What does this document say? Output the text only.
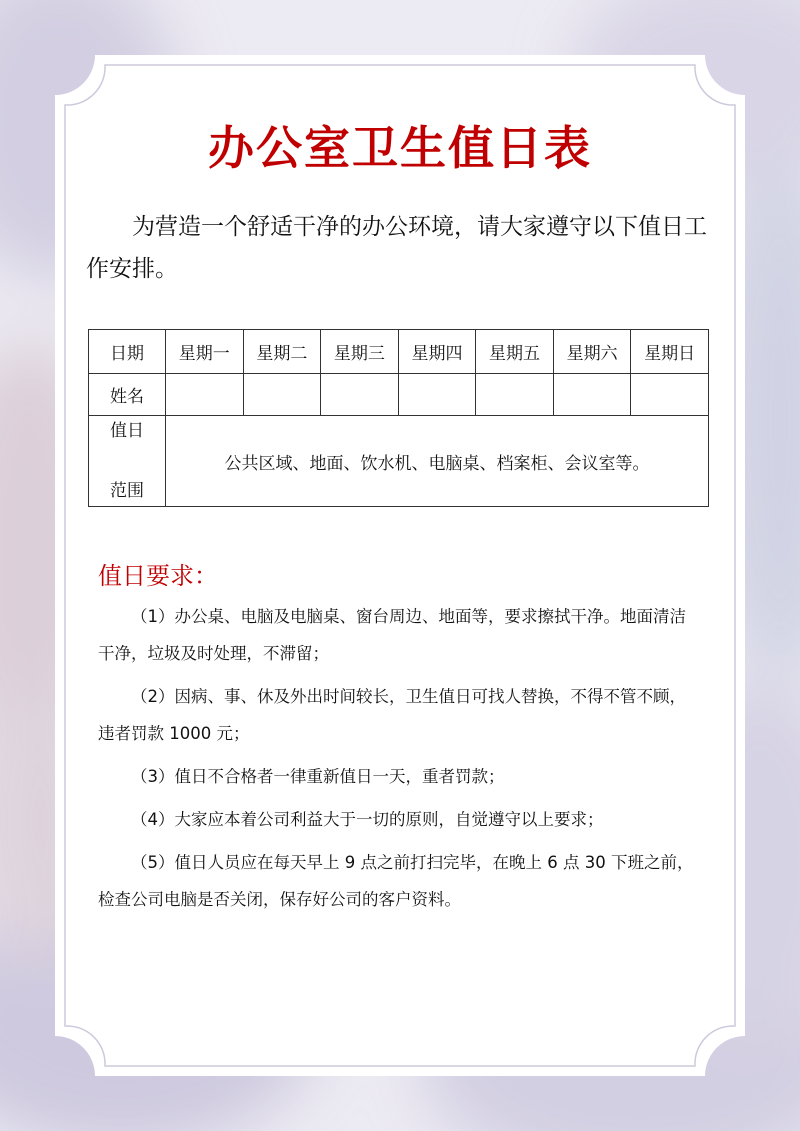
办公室卫生值日表
为营造一个舒适干净的办公环境，请大家遵守以下值日工作安排。
日期	星期一	星期二	星期三	星期四	星期五	星期六	星期日
姓名							

值日
范围	公共区域、地面、饮水机、电脑桌、档案柜、会议室等。						
值日要求：

（1）办公桌、电脑及电脑桌、窗台周边、地面等，要求擦拭干净。地面清洁干净，垃圾及时处理，不滞留；

（2）因病、事、休及外出时间较长，卫生值日可找人替换，不得不管不顾，违者罚款 1000 元；

（3）值日不合格者一律重新值日一天，重者罚款；

（4）大家应本着公司利益大于一切的原则，自觉遵守以上要求；

（5）值日人员应在每天早上 9 点之前打扫完毕，在晚上 6 点 30 下班之前，检查公司电脑是否关闭，保存好公司的客户资料。
